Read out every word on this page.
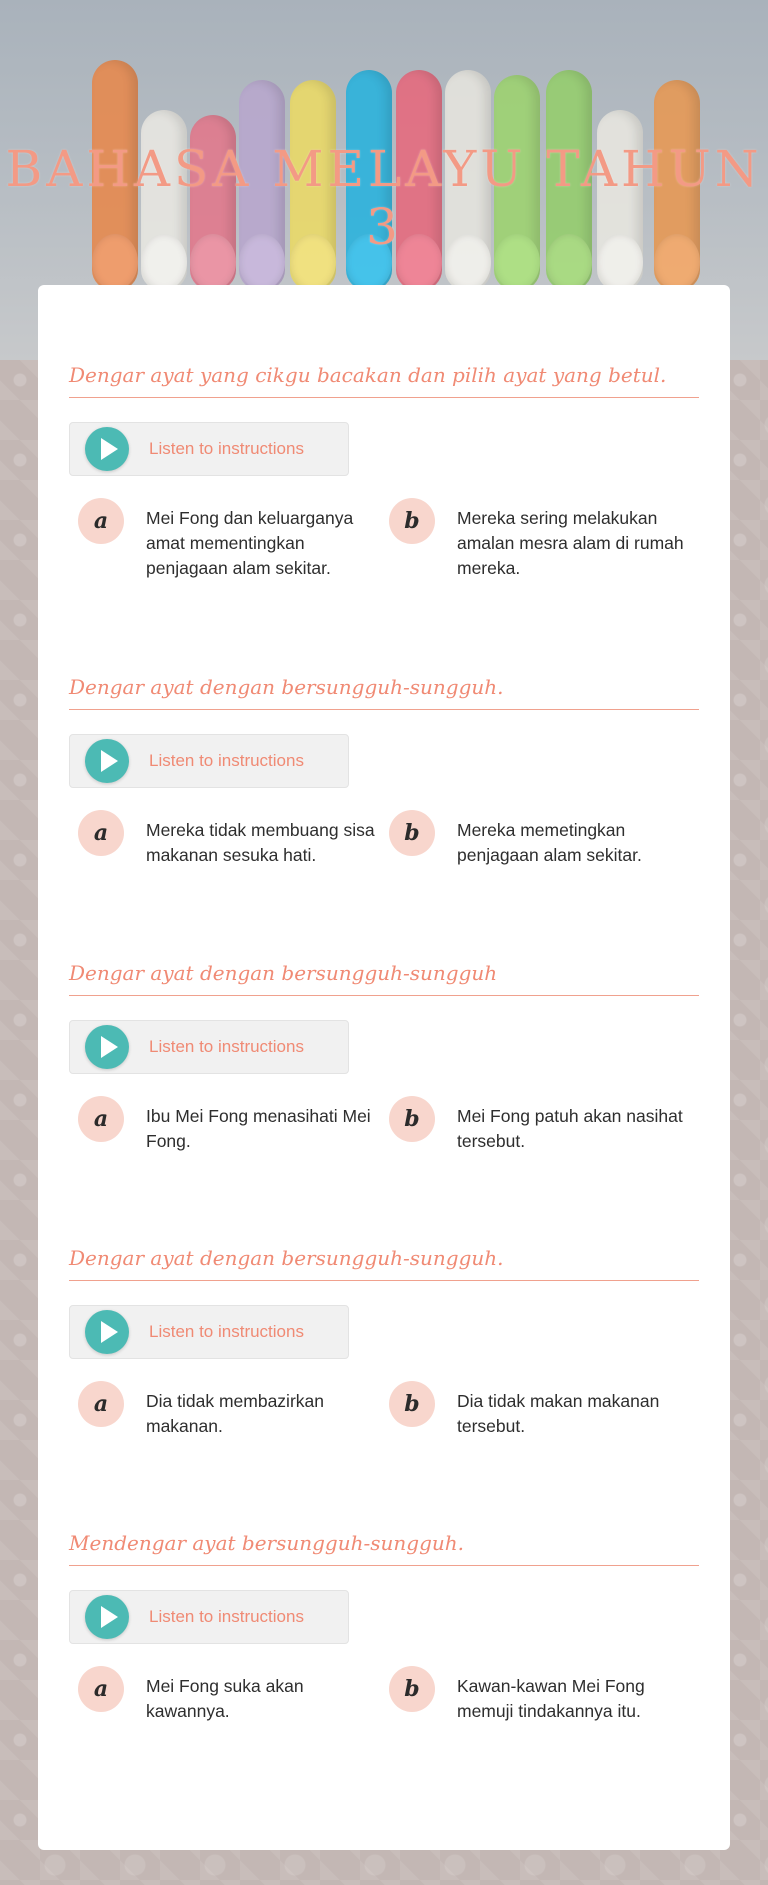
BAHASA MELAYU TAHUN 3

Dengar ayat yang cikgu bacakan dan pilih ayat yang betul.

Listen to instructions
a	Mei Fong dan keluarganya amat mementingkan penjagaan alam sekitar.
b	Mereka sering melakukan amalan mesra alam di rumah mereka.

Dengar ayat dengan bersungguh-sungguh.

Listen to instructions
a	Mereka tidak membuang sisa makanan sesuka hati.
b	Mereka memetingkan penjagaan alam sekitar.

Dengar ayat dengan bersungguh-sungguh

Listen to instructions
a	Ibu Mei Fong menasihati Mei Fong.
b	Mei Fong patuh akan nasihat tersebut.

Dengar ayat dengan bersungguh-sungguh.

Listen to instructions
a	Dia tidak membazirkan makanan.
b	Dia tidak makan makanan tersebut.

Mendengar ayat bersungguh-sungguh.

Listen to instructions
a	Mei Fong suka akan kawannya.
b	Kawan-kawan Mei Fong memuji tindakannya itu.
